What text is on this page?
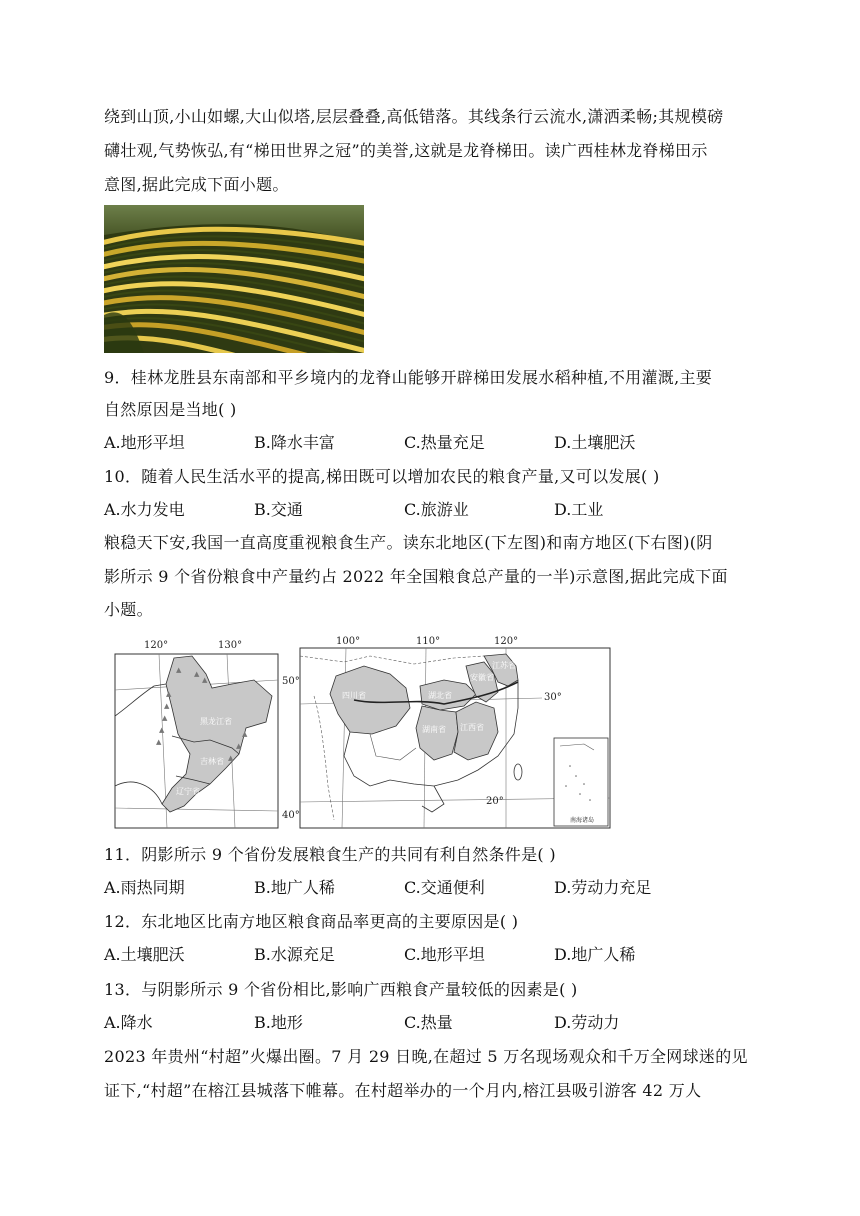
绕到山顶,小山如螺,大山似塔,层层叠叠,高低错落。其线条行云流水,潇洒柔畅;其规模磅
礴壮观,气势恢弘,有“梯田世界之冠”的美誉,这就是龙脊梯田。读广西桂林龙脊梯田示
意图,据此完成下面小题。
9．桂林龙胜县东南部和平乡境内的龙脊山能够开辟梯田发展水稻种植,不用灌溉,主要
自然原因是当地( )
A.地形平坦	B.降水丰富	C.热量充足	D.土壤肥沃
10．随着人民生活水平的提高,梯田既可以增加农民的粮食产量,又可以发展( )
A.水力发电	B.交通	C.旅游业	D.工业
粮稳天下安,我国一直高度重视粮食生产。读东北地区(下左图)和南方地区(下右图)(阴
影所示 9 个省份粮食中产量约占 2022 年全国粮食总产量的一半)示意图,据此完成下面
小题。
120°	130°
50°
40°
▲
▲
▲
▲
▲
▲ ▲
▲
▲
▲
▲
黑龙江省
吉林省
辽宁省
100°	110°	120°
30°
20°
四川省	湖北省
湖南省 江西省
安徽省
江苏省
南海诸岛
11．阴影所示 9 个省份发展粮食生产的共同有利自然条件是( )
A.雨热同期	B.地广人稀	C.交通便利	D.劳动力充足
12．东北地区比南方地区粮食商品率更高的主要原因是( )
A.土壤肥沃	B.水源充足	C.地形平坦	D.地广人稀
13．与阴影所示 9 个省份相比,影响广西粮食产量较低的因素是( )
A.降水	B.地形	C.热量	D.劳动力
2023 年贵州“村超”火爆出圈。7 月 29 日晚,在超过 5 万名现场观众和千万全网球迷的见
证下,“村超”在榕江县城落下帷幕。在村超举办的一个月内,榕江县吸引游客 42 万人
